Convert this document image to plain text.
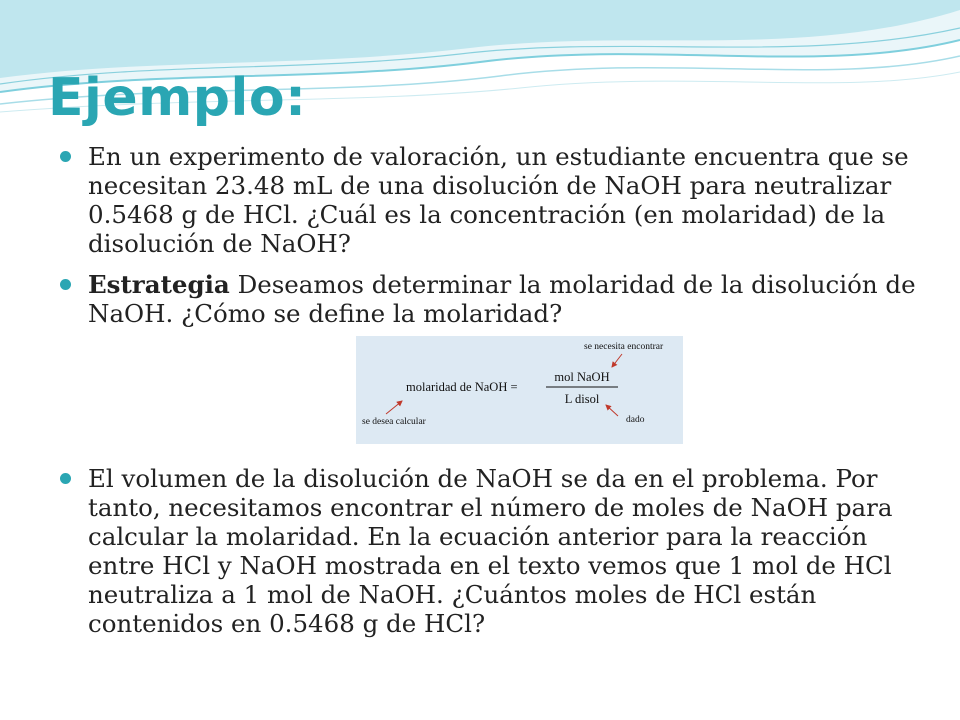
Ejemplo:
En un experimento de valoración, un estudiante encuentra que se necesitan 23.48 mL de una disolución de NaOH para neutralizar 0.5468 g de HCl. ¿Cuál es la concentración (en molaridad) de la disolución de NaOH?
Estrategia Deseamos determinar la molaridad de la disolución de NaOH. ¿Cómo se define la molaridad?
se necesita encontrar
molaridad de NaOH =
mol NaOH
L disol
se desea calcular	dado
El volumen de la disolución de NaOH se da en el problema. Por tanto, necesitamos encontrar el número de moles de NaOH para calcular la molaridad. En la ecuación anterior para la reacción entre HCl y NaOH mostrada en el texto vemos que 1 mol de HCl neutraliza a 1 mol de NaOH. ¿Cuántos moles de HCl están contenidos en 0.5468 g de HCl?
